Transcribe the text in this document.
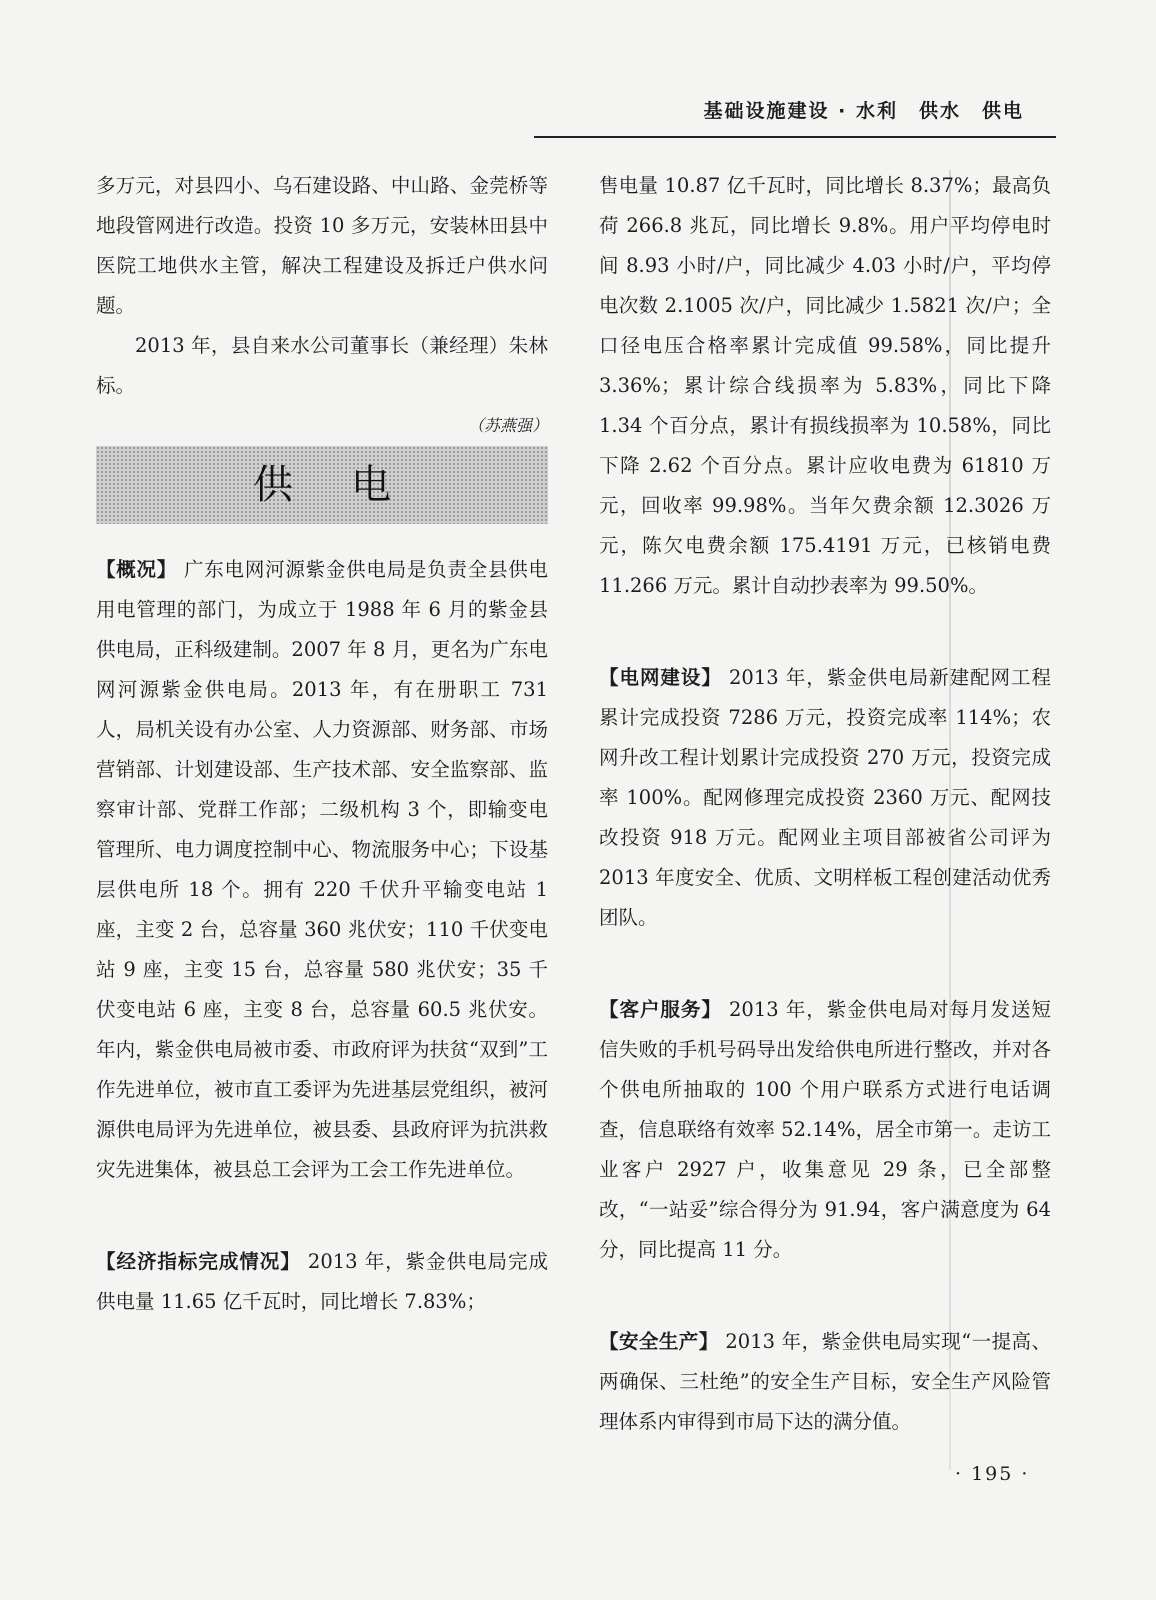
基础设施建设 · 水利　供水　供电

多万元，对县四小、乌石建设路、中山路、金莞桥等地段管网进行改造。投资 10 多万元，安装林田县中医院工地供水主管，解决工程建设及拆迁户供水问题。

2013 年，县自来水公司董事长（兼经理）朱林标。

（苏燕强）

供电

【概况】 广东电网河源紫金供电局是负责全县供电用电管理的部门，为成立于 1988 年 6 月的紫金县供电局，正科级建制。2007 年 8 月，更名为广东电网河源紫金供电局。2013 年，有在册职工 731 人，局机关设有办公室、人力资源部、财务部、市场营销部、计划建设部、生产技术部、安全监察部、监察审计部、党群工作部；二级机构 3 个，即输变电管理所、电力调度控制中心、物流服务中心；下设基层供电所 18 个。拥有 220 千伏升平输变电站 1 座，主变 2 台，总容量 360 兆伏安；110 千伏变电站 9 座，主变 15 台，总容量 580 兆伏安；35 千伏变电站 6 座，主变 8 台，总容量 60.5 兆伏安。年内，紫金供电局被市委、市政府评为扶贫“双到”工作先进单位，被市直工委评为先进基层党组织，被河源供电局评为先进单位，被县委、县政府评为抗洪救灾先进集体，被县总工会评为工会工作先进单位。

【经济指标完成情况】 2013 年，紫金供电局完成供电量 11.65 亿千瓦时，同比增长 7.83%；

售电量 10.87 亿千瓦时，同比增长 8.37%；最高负荷 266.8 兆瓦，同比增长 9.8%。用户平均停电时间 8.93 小时/户，同比减少 4.03 小时/户，平均停电次数 2.1005 次/户，同比减少 1.5821 次/户；全口径电压合格率累计完成值 99.58%，同比提升 3.36%；累计综合线损率为 5.83%，同比下降 1.34 个百分点，累计有损线损率为 10.58%，同比下降 2.62 个百分点。累计应收电费为 61810 万元，回收率 99.98%。当年欠费余额 12.3026 万元，陈欠电费余额 175.4191 万元，已核销电费 11.266 万元。累计自动抄表率为 99.50%。

【电网建设】 2013 年，紫金供电局新建配网工程累计完成投资 7286 万元，投资完成率 114%；农网升改工程计划累计完成投资 270 万元，投资完成率 100%。配网修理完成投资 2360 万元、配网技改投资 918 万元。配网业主项目部被省公司评为 2013 年度安全、优质、文明样板工程创建活动优秀团队。

【客户服务】 2013 年，紫金供电局对每月发送短信失败的手机号码导出发给供电所进行整改，并对各个供电所抽取的 100 个用户联系方式进行电话调查，信息联络有效率 52.14%，居全市第一。走访工业客户 2927 户，收集意见 29 条，已全部整改，“一站妥”综合得分为 91.94，客户满意度为 64 分，同比提高 11 分。

【安全生产】 2013 年，紫金供电局实现“一提高、两确保、三杜绝”的安全生产目标，安全生产风险管理体系内审得到市局下达的满分值。

· 195 ·
